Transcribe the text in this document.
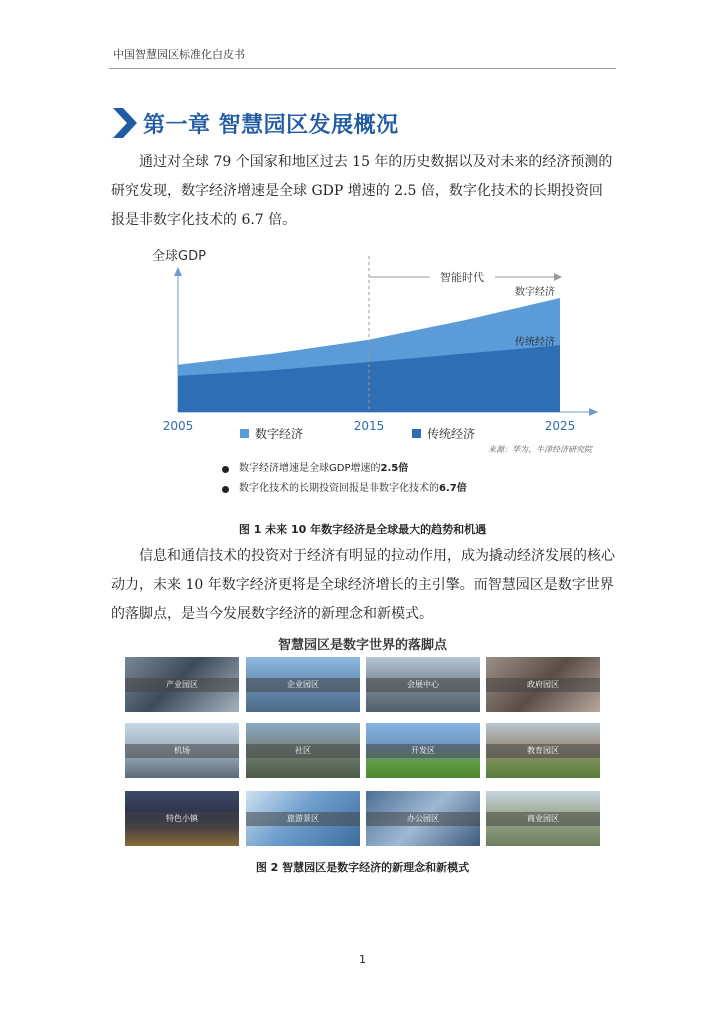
中国智慧园区标准化白皮书
第一章 智慧园区发展概况

通过对全球 79 个国家和地区过去 15 年的历史数据以及对未来的经济预测的研究发现，数字经济增速是全球 GDP 增速的 2.5 倍，数字化技术的长期投资回报是非数字化技术的 6.7 倍。

智能时代
全球GDP
数字经济
传统经济
2005	2015	2025
数字经济	传统经济
来源：华为、牛津经济研究院
数字经济增速是全球GDP增速的 2.5倍
数字化技术的长期投资回报是非数字化技术的 6.7倍
图 1 未来 10 年数字经济是全球最大的趋势和机遇

信息和通信技术的投资对于经济有明显的拉动作用，成为撬动经济发展的核心动力，未来 10 年数字经济更将是全球经济增长的主引擎。而智慧园区是数字世界的落脚点，是当今发展数字经济的新理念和新模式。

智慧园区是数字世界的落脚点
产业园区	企业园区	会展中心	政府园区
机场	社区	开发区	教育园区
特色小镇	旅游景区	办公园区	商业园区
图 2 智慧园区是数字经济的新理念和新模式
1
